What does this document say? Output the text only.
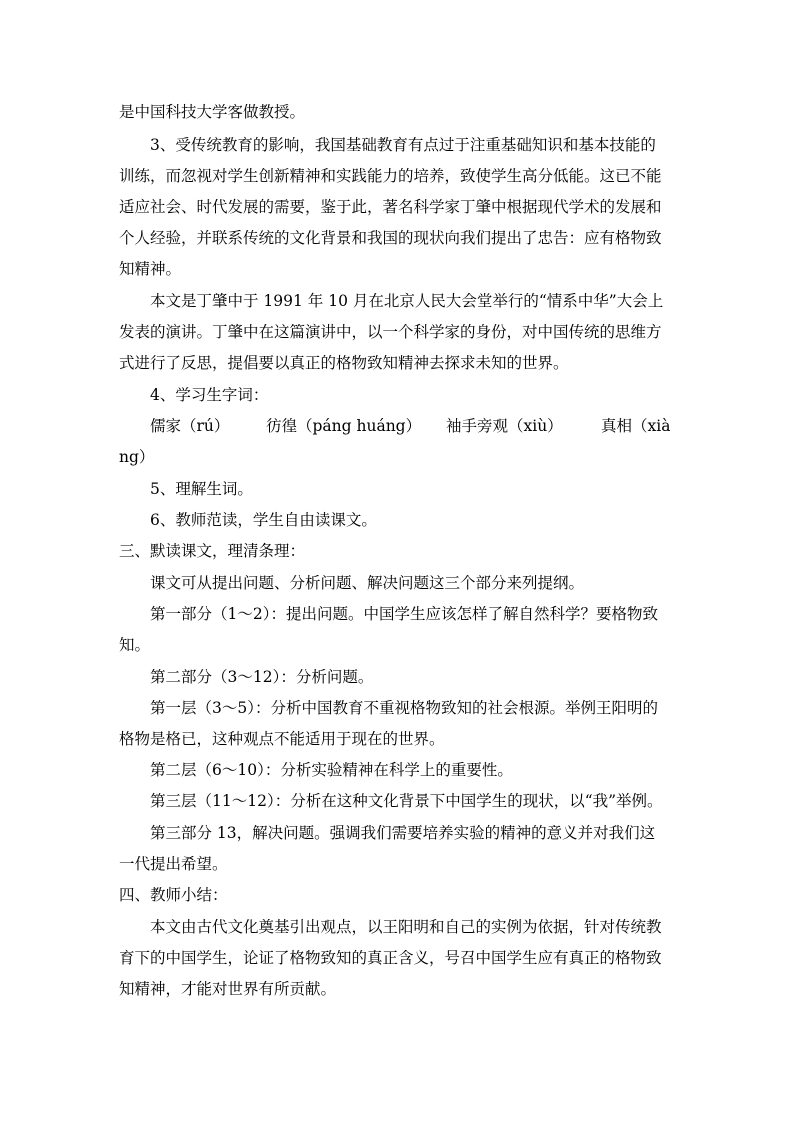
是中国科技大学客做教授。
3、受传统教育的影响，我国基础教育有点过于注重基础知识和基本技能的
训练，而忽视对学生创新精神和实践能力的培养，致使学生高分低能。这已不能
适应社会、时代发展的需要，鉴于此，著名科学家丁肇中根据现代学术的发展和
个人经验，并联系传统的文化背景和我国的现状向我们提出了忠告：应有格物致
知精神。
本文是丁肇中于 1991 年 10 月在北京人民大会堂举行的“情系中华”大会上
发表的演讲。丁肇中在这篇演讲中，以一个科学家的身份，对中国传统的思维方
式进行了反思，提倡要以真正的格物致知精神去探求未知的世界。
4、学习生字词：
儒家（rú） 彷徨（páng huáng） 袖手旁观（xiù） 真相（xià
ng）
5、理解生词。
6、教师范读，学生自由读课文。
三、默读课文，理清条理：
课文可从提出问题、分析问题、解决问题这三个部分来列提纲。
第一部分（1～2）：提出问题。中国学生应该怎样了解自然科学？要格物致
知。
第二部分（3～12）：分析问题。
第一层（3～5）：分析中国教育不重视格物致知的社会根源。举例王阳明的
格物是格已，这种观点不能适用于现在的世界。
第二层（6～10）：分析实验精神在科学上的重要性。
第三层（11～12）：分析在这种文化背景下中国学生的现状，以“我”举例。
第三部分 13，解决问题。强调我们需要培养实验的精神的意义并对我们这
一代提出希望。
四、教师小结：
本文由古代文化奠基引出观点，以王阳明和自己的实例为依据，针对传统教
育下的中国学生，论证了格物致知的真正含义，号召中国学生应有真正的格物致
知精神，才能对世界有所贡献。
